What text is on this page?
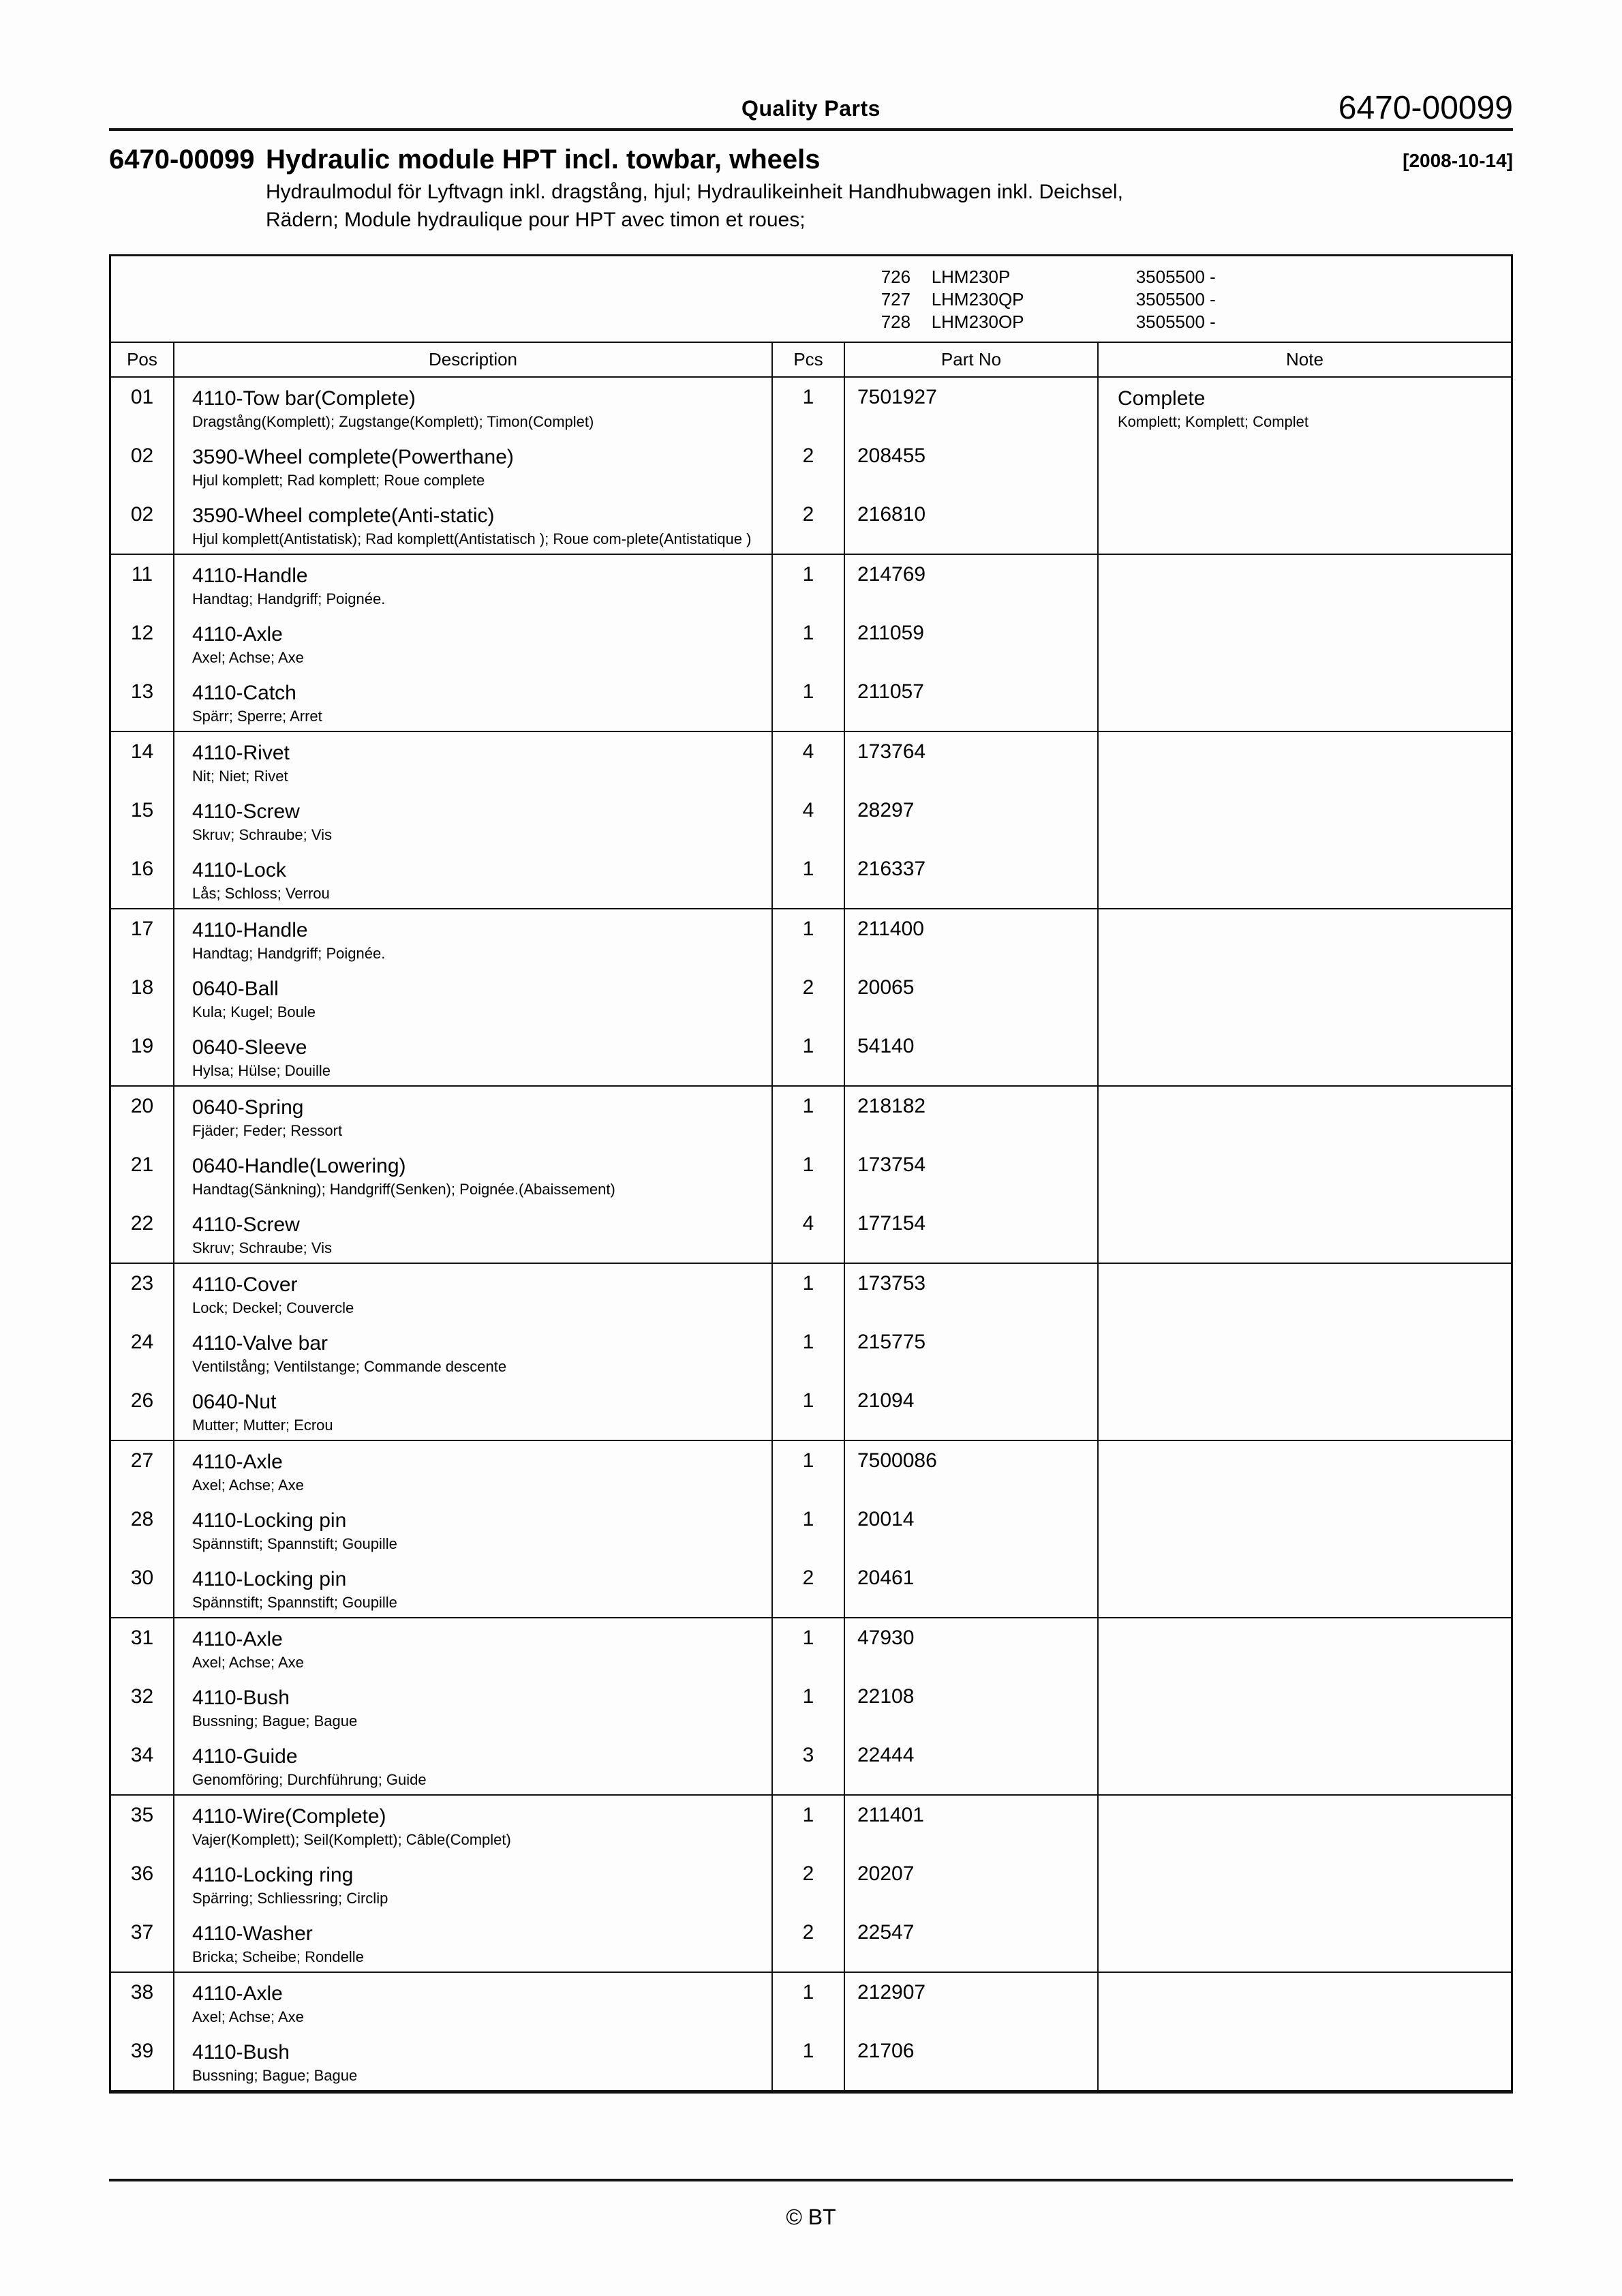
Quality Parts	6470-00099
6470-00099 Hydraulic module HPT incl. towbar, wheels
Hydraulmodul för Lyftvagn inkl. dragstång, hjul; Hydraulikeinheit Handhubwagen inkl. Deichsel,
Rädern; Module hydraulique pour HPT avec timon et roues;
[2008-10-14]
726	LHM230P	3505500 -
727	LHM230QP	3505500 -
728	LHM230OP	3505500 -
Pos	Description	Pcs	Part No	Note
01	4110-Tow bar(Complete)
Dragstång(Komplett); Zugstange(Komplett); Timon(Complet)
	1	7501927	Complete
Komplett; Komplett; Complet

02	3590-Wheel complete(Powerthane)
Hjul komplett; Rad komplett; Roue complete	2	208455	
02	3590-Wheel complete(Anti-static)
Hjul komplett(Antistatisk); Rad komplett(Antistatisch ); Roue com-plete(Antistatique )	2	216810	
11	4110-Handle
Handtag; Handgriff; Poignée.	1	214769	
12	4110-Axle
Axel; Achse; Axe	1	211059	
13	4110-Catch
Spärr; Sperre; Arret	1	211057	
14	4110-Rivet
Nit; Niet; Rivet	4	173764	
15	4110-Screw
Skruv; Schraube; Vis	4	28297	
16	4110-Lock
Lås; Schloss; Verrou	1	216337	
17	4110-Handle
Handtag; Handgriff; Poignée.	1	211400	
18	0640-Ball
Kula; Kugel; Boule	2	20065	
19	0640-Sleeve
Hylsa; Hülse; Douille	1	54140	
20	0640-Spring
Fjäder; Feder; Ressort	1	218182	
21	0640-Handle(Lowering)
Handtag(Sänkning); Handgriff(Senken); Poignée.(Abaissement)	1	173754	
22	4110-Screw
Skruv; Schraube; Vis	4	177154	
23	4110-Cover
Lock; Deckel; Couvercle	1	173753	
24	4110-Valve bar
Ventilstång; Ventilstange; Commande descente	1	215775	
26	0640-Nut
Mutter; Mutter; Ecrou	1	21094	
27	4110-Axle
Axel; Achse; Axe	1	7500086	
28	4110-Locking pin
Spännstift; Spannstift; Goupille	1	20014	
30	4110-Locking pin
Spännstift; Spannstift; Goupille	2	20461	
31	4110-Axle
Axel; Achse; Axe	1	47930	
32	4110-Bush
Bussning; Bague; Bague	1	22108	
34	4110-Guide
Genomföring; Durchführung; Guide	3	22444	
35	4110-Wire(Complete)
Vajer(Komplett); Seil(Komplett); Câble(Complet)	1	211401	
36	4110-Locking ring
Spärring; Schliessring; Circlip	2	20207	
37	4110-Washer
Bricka; Scheibe; Rondelle	2	22547	
38	4110-Axle
Axel; Achse; Axe	1	212907	
39	4110-Bush
Bussning; Bague; Bague	1	21706	
© BT
